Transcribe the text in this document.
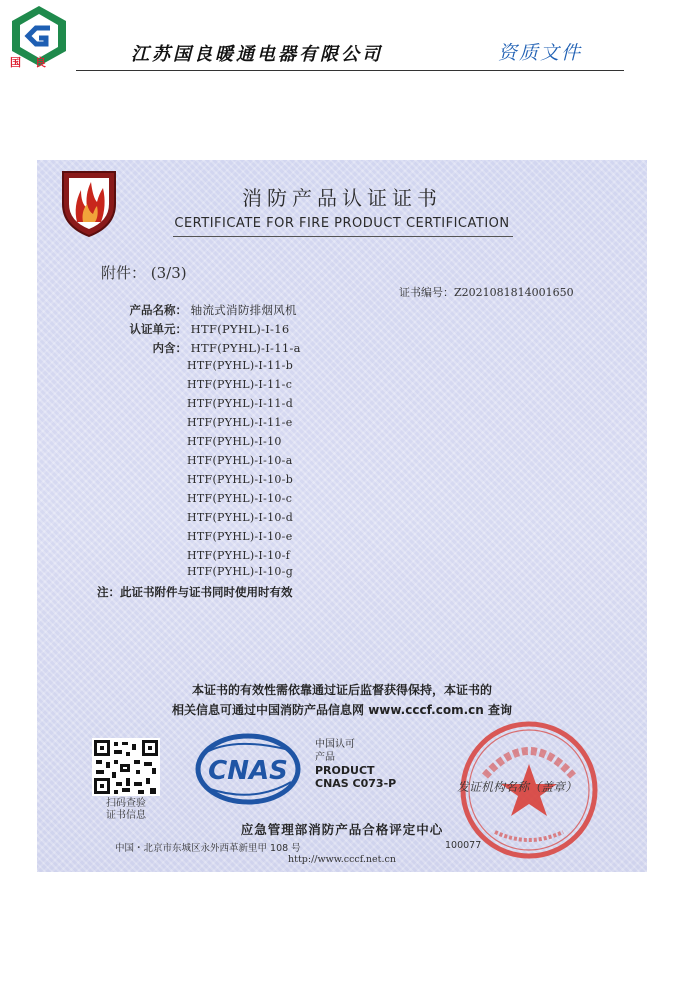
国良	江苏国良暖通电器有限公司	资质文件
消防产品认证证书
CERTIFICATE FOR FIRE PRODUCT CERTIFICATION
附件： (3/3)
证书编号：Z2021081814001650
产品名称： 轴流式消防排烟风机
认证单元： HTF(PYHL)-I-16
内含： HTF(PYHL)-I-11-a
HTF(PYHL)-I-11-b
HTF(PYHL)-I-11-c
HTF(PYHL)-I-11-d
HTF(PYHL)-I-11-e
HTF(PYHL)-I-10
HTF(PYHL)-I-10-a
HTF(PYHL)-I-10-b
HTF(PYHL)-I-10-c
HTF(PYHL)-I-10-d
HTF(PYHL)-I-10-e
HTF(PYHL)-I-10-f
HTF(PYHL)-I-10-g
注：此证书附件与证书同时使用时有效
本证书的有效性需依靠通过证后监督获得保持，本证书的
相关信息可通过中国消防产品信息网 www.cccf.com.cn 查询
扫码查验
证书信息
CNAS
中国认可
产品
PRODUCT
CNAS C073-P	发证机构名称（盖章）
应急管理部消防产品合格评定中心
中国・北京市东城区永外西革新里甲 108 号	100077
http://www.cccf.net.cn
